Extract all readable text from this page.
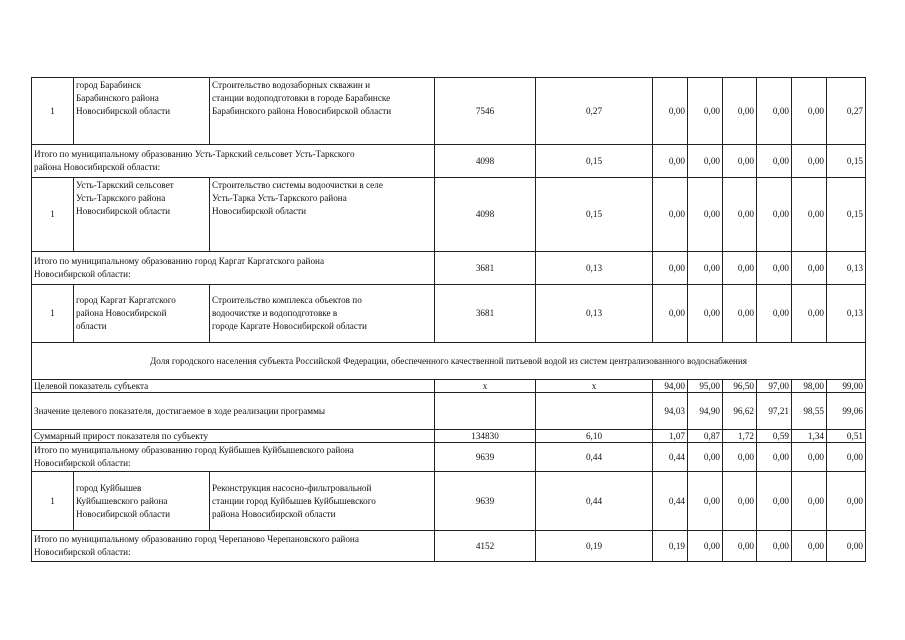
1	город Барабинск
Барабинского района
Новосибирской области	Строительство водозаборных скважин и
станции водоподготовки в городе Барабинске
Барабинского района Новосибирской области	7546	0,27	0,00	0,00	0,00	0,00	0,00	0,27
Итого по муниципальному образованию Усть-Таркский сельсовет Усть-Таркского
района Новосибирской области:			4098	0,15	0,00	0,00	0,00	0,00	0,00	0,15
1	Усть-Таркский сельсовет
Усть-Таркского района
Новосибирской области	Строительство системы водоочистки в селе
Усть-Тарка Усть-Таркского района
Новосибирской области	4098	0,15	0,00	0,00	0,00	0,00	0,00	0,15
Итого по муниципальному образованию город Каргат Каргатского района
Новосибирской области:			3681	0,13	0,00	0,00	0,00	0,00	0,00	0,13
1	город Каргат Каргатского
района Новосибирской
области	Строительство комплекса объектов по
водоочистке и водоподготовке в
городе Каргате Новосибирской области	3681	0,13	0,00	0,00	0,00	0,00	0,00	0,13
Доля городского населения субъекта Российской Федерации, обеспеченного качественной питьевой водой из систем централизованного водоснабжения										
Целевой показатель субъекта			x	x	94,00	95,00	96,50	97,00	98,00	99,00
Значение целевого показателя, достигаемое в ходе реализации программы					94,03	94,90	96,62	97,21	98,55	99,06
Суммарный прирост показателя по субъекту			134830	6,10	1,07	0,87	1,72	0,59	1,34	0,51
Итого по муниципальному образованию город Куйбышев Куйбышевского района
Новосибирской области:			9639	0,44	0,44	0,00	0,00	0,00	0,00	0,00
1	город Куйбышев
Куйбышевского района
Новосибирской области	Реконструкция насосно-фильтровальной
станции город Куйбышев Куйбышевского
района Новосибирской области	9639	0,44	0,44	0,00	0,00	0,00	0,00	0,00
Итого по муниципальному образованию город Черепаново Черепановского района
Новосибирской области:			4152	0,19	0,19	0,00	0,00	0,00	0,00	0,00
